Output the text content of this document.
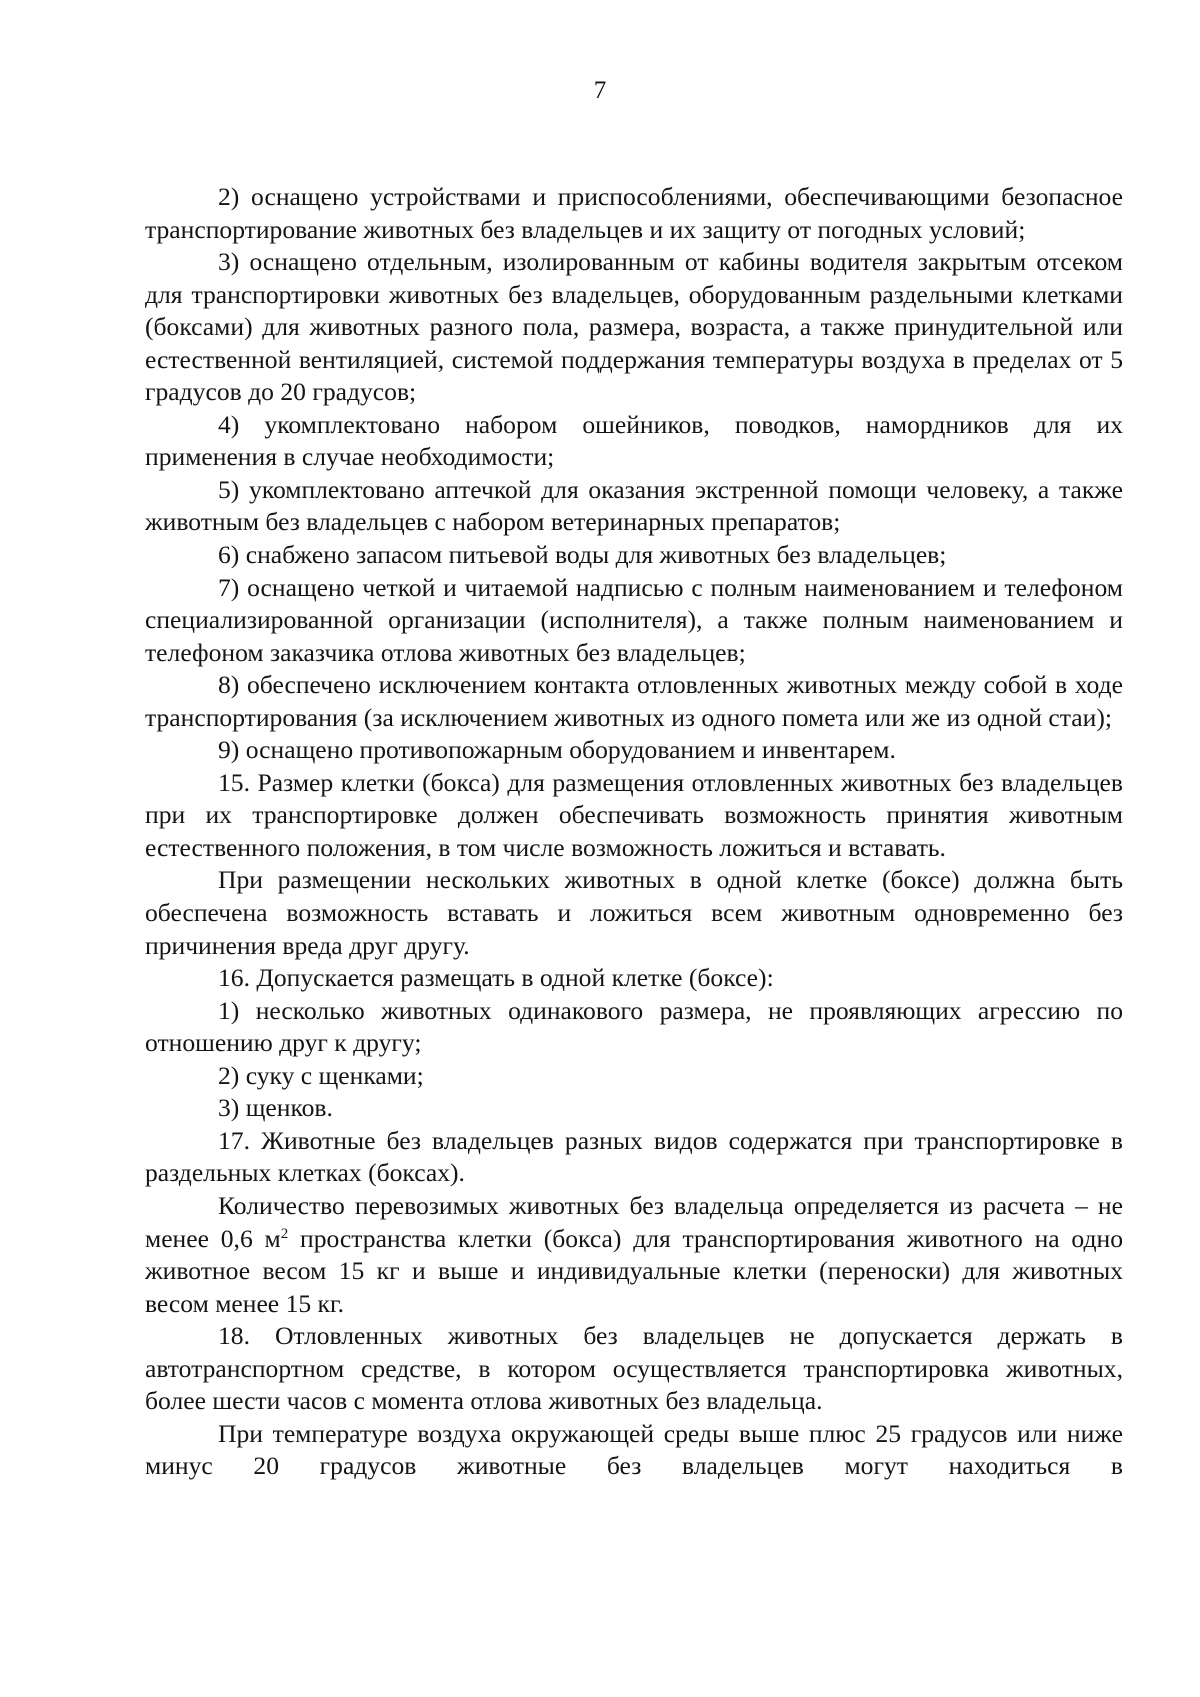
7

2) оснащено устройствами и приспособлениями, обеспечивающими безопасное транспортирование животных без владельцев и их защиту от погодных условий;

3) оснащено отдельным, изолированным от кабины водителя закрытым отсеком для транспортировки животных без владельцев, оборудованным раздельными клетками (боксами) для животных разного пола, размера, возраста, а также принудительной или естественной вентиляцией, системой поддержания температуры воздуха в пределах от 5 градусов до 20 градусов;

4) укомплектовано набором ошейников, поводков, намордников для их применения в случае необходимости;

5) укомплектовано аптечкой для оказания экстренной помощи человеку, а также животным без владельцев с набором ветеринарных препаратов;

6) снабжено запасом питьевой воды для животных без владельцев;

7) оснащено четкой и читаемой надписью с полным наименованием и телефоном специализированной организации (исполнителя), а также полным наименованием и телефоном заказчика отлова животных без владельцев;

8) обеспечено исключением контакта отловленных животных между собой в ходе транспортирования (за исключением животных из одного помета или же из одной стаи);

9) оснащено противопожарным оборудованием и инвентарем.

15. Размер клетки (бокса) для размещения отловленных животных без владельцев при их транспортировке должен обеспечивать возможность принятия животным естественного положения, в том числе возможность ложиться и вставать.

При размещении нескольких животных в одной клетке (боксе) должна быть обеспечена возможность вставать и ложиться всем животным одновременно без причинения вреда друг другу.

16. Допускается размещать в одной клетке (боксе):

1) несколько животных одинакового размера, не проявляющих агрессию по отношению друг к другу;

2) суку с щенками;

3) щенков.

17. Животные без владельцев разных видов содержатся при транспортировке в раздельных клетках (боксах).

Количество перевозимых животных без владельца определяется из расчета – не менее 0,6 $м^2$ пространства клетки (бокса) для транспортирования животного на одно животное весом 15 кг и выше и индивидуальные клетки (переноски) для животных весом менее 15 кг.

18. Отловленных животных без владельцев не допускается держать в автотранспортном средстве, в котором осуществляется транспортировка животных, более шести часов с момента отлова животных без владельца.

При температуре воздуха окружающей среды выше плюс 25 градусов или ниже минус 20 градусов животные без владельцев могут находиться в
